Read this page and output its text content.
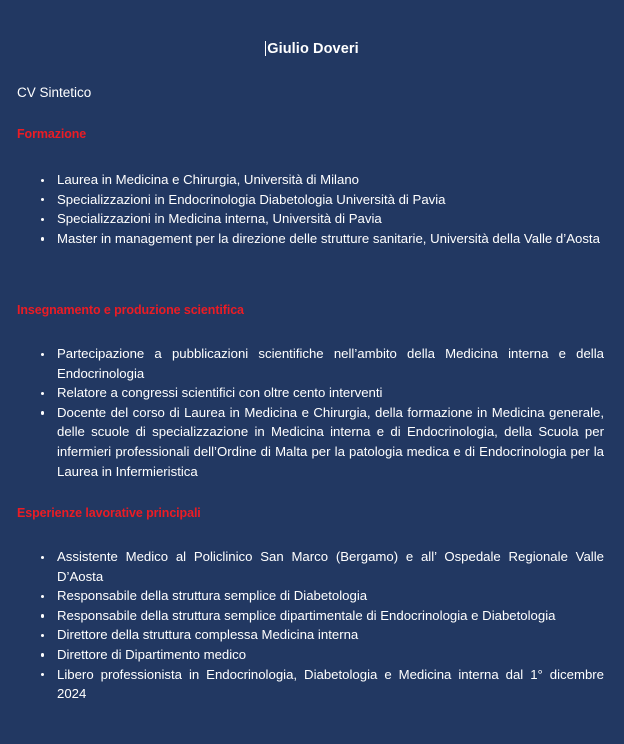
Giulio Doveri
CV Sintetico
Formazione
Laurea in Medicina e Chirurgia, Università di Milano
Specializzazioni in Endocrinologia Diabetologia Università di Pavia
Specializzazioni in Medicina interna, Università di Pavia
Master in management per la direzione delle strutture sanitarie, Università della Valle d’Aosta
Insegnamento e produzione scientifica
Partecipazione a pubblicazioni scientifiche nell’ambito della Medicina interna e della Endocrinologia
Relatore a congressi scientifici con oltre cento interventi
Docente del corso di Laurea in Medicina e Chirurgia, della formazione in Medicina generale, delle scuole di specializzazione in Medicina interna e di Endocrinologia, della Scuola per infermieri professionali dell’Ordine di Malta per la patologia medica e di Endocrinologia per la Laurea in Infermieristica
Esperienze lavorative principali
Assistente Medico al Policlinico San Marco (Bergamo) e all’ Ospedale Regionale Valle D’Aosta
Responsabile della struttura semplice di Diabetologia
Responsabile della struttura semplice dipartimentale di Endocrinologia e Diabetologia
Direttore della struttura complessa Medicina interna
Direttore di Dipartimento medico
Libero professionista in Endocrinologia, Diabetologia e Medicina interna dal 1° dicembre 2024
